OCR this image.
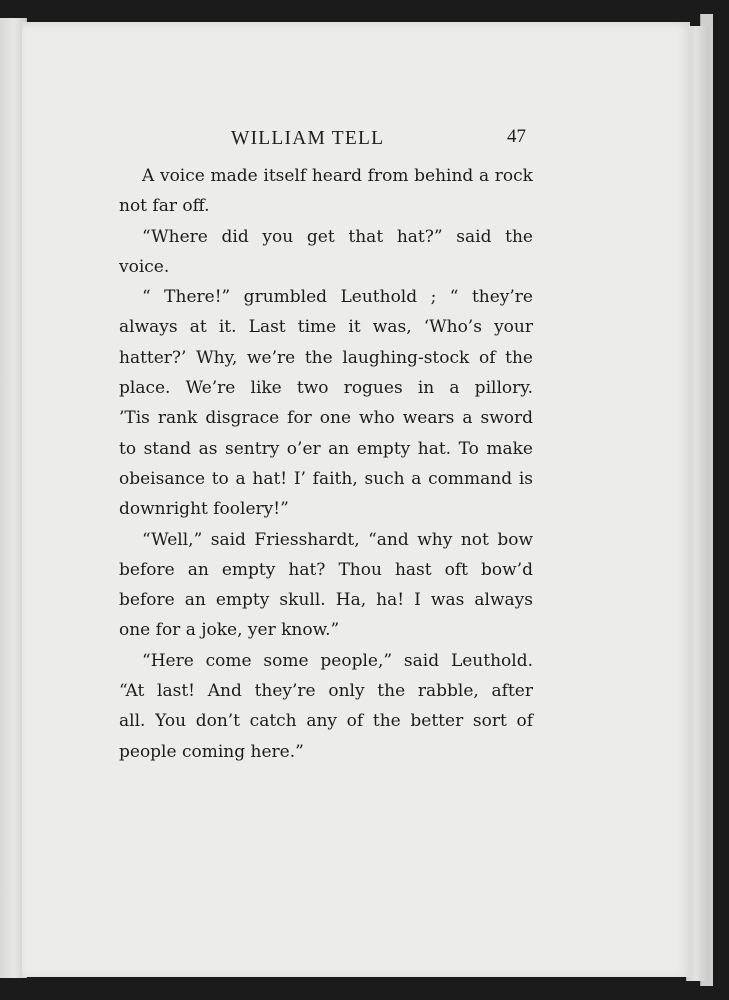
WILLIAM TELL	47
A voice made itself heard from behind a rock
not far off.
“Where did you get that hat?” said the
voice.
“ There!” grumbled Leuthold ; “ they’re
always at it. Last time it was, ‘Who’s your
hatter?’ Why, we’re the laughing-stock of the
place. We’re like two rogues in a pillory.
’Tis rank disgrace for one who wears a sword
to stand as sentry o’er an empty hat. To make
obeisance to a hat! I’ faith, such a command is
downright foolery!”
“Well,” said Friesshardt, “and why not bow
before an empty hat? Thou hast oft bow’d
before an empty skull. Ha, ha! I was always
one for a joke, yer know.”
“Here come some people,” said Leuthold.
“At last! And they’re only the rabble, after
all. You don’t catch any of the better sort of
people coming here.”
